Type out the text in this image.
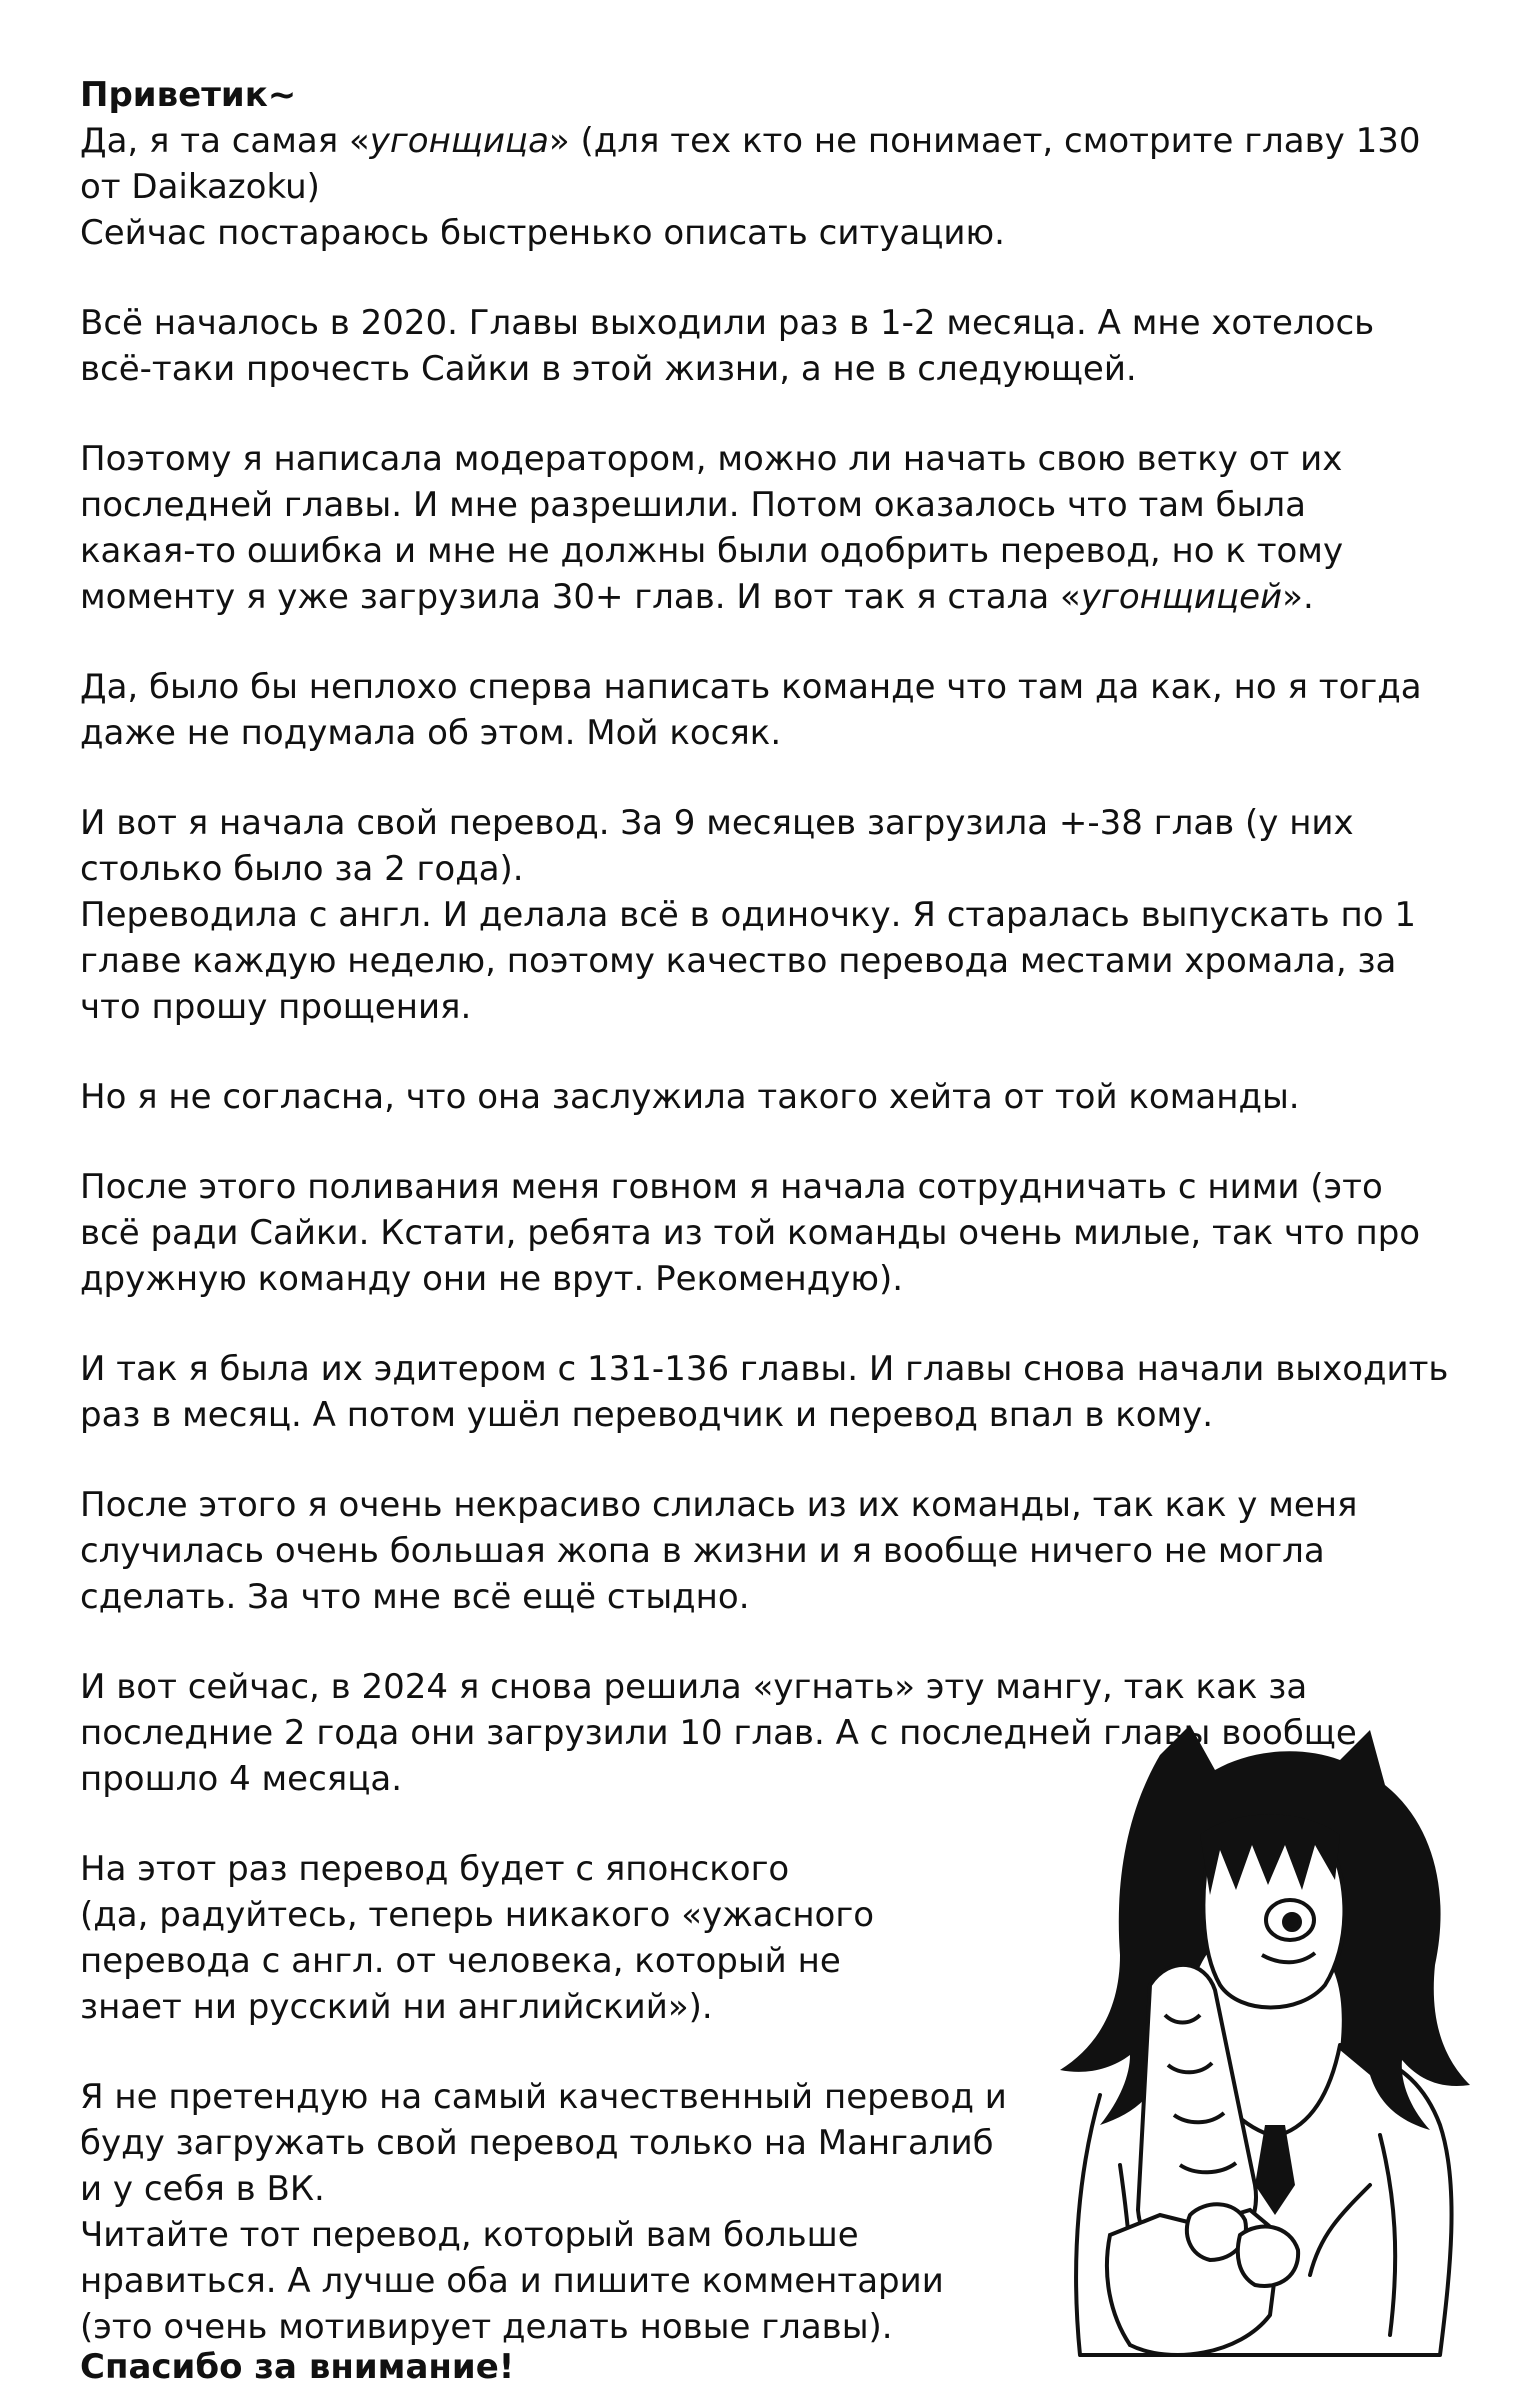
Приветик~
Да, я та самая «угонщица» (для тех кто не понимает, смотрите главу 130
от Daikazoku)
Сейчас постараюсь быстренько описать ситуацию.
Всё началось в 2020. Главы выходили раз в 1-2 месяца. А мне хотелось
всё-таки прочесть Сайки в этой жизни, а не в следующей.
Поэтому я написала модератором, можно ли начать свою ветку от их
последней главы. И мне разрешили. Потом оказалось что там была
какая-то ошибка и мне не должны были одобрить перевод, но к тому
моменту я уже загрузила 30+ глав. И вот так я стала «угонщицей».
Да, было бы неплохо сперва написать команде что там да как, но я тогда
даже не подумала об этом. Мой косяк.
И вот я начала свой перевод. За 9 месяцев загрузила +-38 глав (у них
столько было за 2 года).
Переводила с англ. И делала всё в одиночку. Я старалась выпускать по 1
главе каждую неделю, поэтому качество перевода местами хромала, за
что прошу прощения.
Но я не согласна, что она заслужила такого хейта от той команды.
После этого поливания меня говном я начала сотрудничать с ними (это
всё ради Сайки. Кстати, ребята из той команды очень милые, так что про
дружную команду они не врут. Рекомендую).
И так я была их эдитером с 131-136 главы. И главы снова начали выходить
раз в месяц. А потом ушёл переводчик и перевод впал в кому.
После этого я очень некрасиво слилась из их команды, так как у меня
случилась очень большая жопа в жизни и я вообще ничего не могла
сделать. За что мне всё ещё стыдно.
И вот сейчас, в 2024 я снова решила «угнать» эту мангу, так как за
последние 2 года они загрузили 10 глав. А с последней главы вообще
прошло 4 месяца.
На этот раз перевод будет с японского
(да, радуйтесь, теперь никакого «ужасного
перевода с англ. от человека, который не
знает ни русский ни английский»).
Я не претендую на самый качественный перевод и
буду загружать свой перевод только на Мангалиб
и у себя в ВК.
Читайте тот перевод, который вам больше
нравиться. А лучше оба и пишите комментарии
(это очень мотивирует делать новые главы).
Спасибо за внимание!
